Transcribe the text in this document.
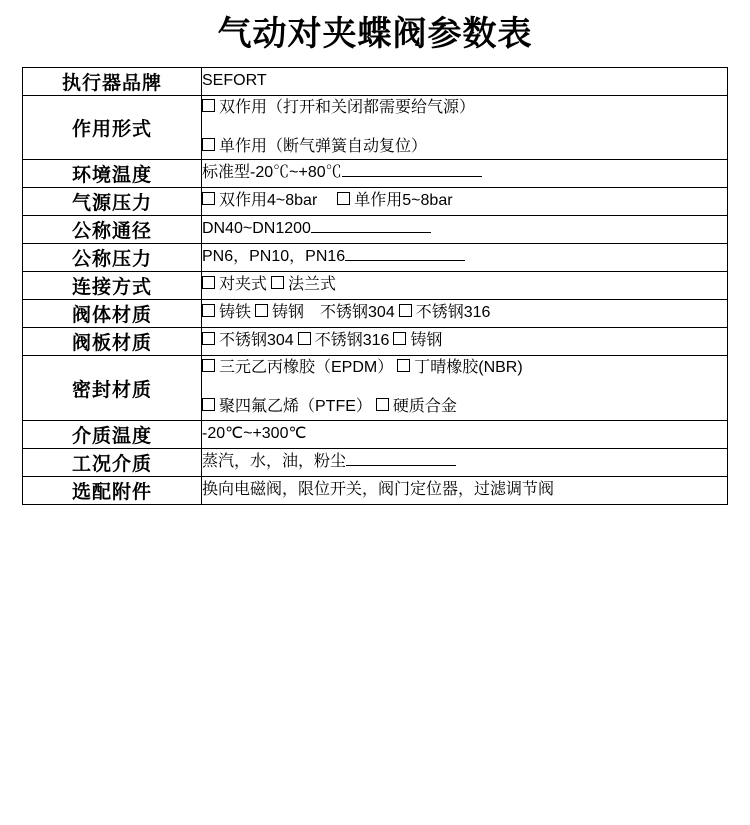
气动对夹蝶阀参数表
执行器品牌	SEFORT

作用形式	双作用（打开和关闭都需要给气源）
单作用（断气弹簧自动复位）

环境温度	标准型-20℃~+80℃

气源压力	双作用4~8bar 单作用5~8bar

公称通径	DN40~DN1200

公称压力	PN6，PN10，PN16

连接方式	对夹式 法兰式

阀体材质	铸铁 铸钢 不锈钢304 不锈钢316

阀板材质	不锈钢304 不锈钢316 铸钢

密封材质	三元乙丙橡胶（EPDM） 丁晴橡胶(NBR)
聚四氟乙烯（PTFE） 硬质合金

介质温度	-20℃~+300℃

工况介质	蒸汽，水，油，粉尘

选配附件	换向电磁阀，限位开关，阀门定位器，过滤调节阀
